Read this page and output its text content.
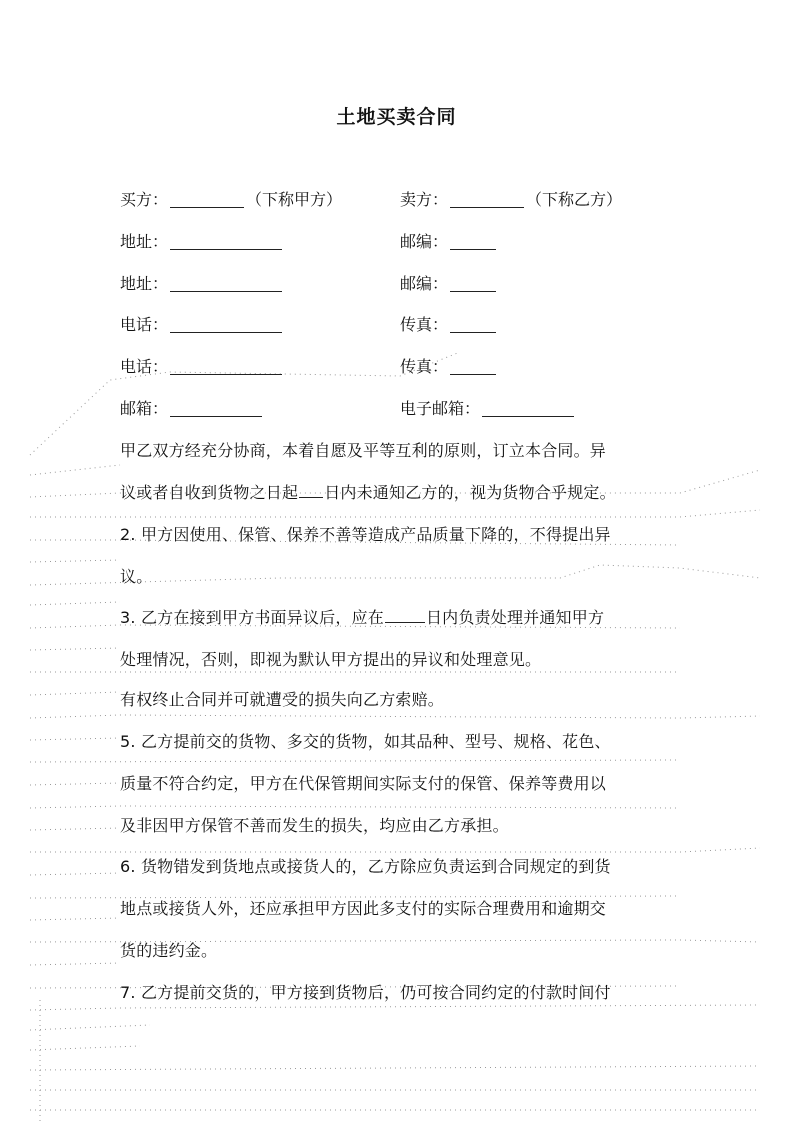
土地买卖合同
买方：	（下称甲方）	卖方：	（下称乙方）
地址：	邮编：
地址：	邮编：
电话：	传真：
电话：	传真：
邮箱：	电子邮箱：
甲乙双方经充分协商，本着自愿及平等互利的原则，订立本合同。异
议或者自收到货物之日起 日内未通知乙方的，视为货物合乎规定。
2. 甲方因使用、保管、保养不善等造成产品质量下降的，不得提出异
议。
3. 乙方在接到甲方书面异议后，应在	日内负责处理并通知甲方
处理情况，否则，即视为默认甲方提出的异议和处理意见。
有权终止合同并可就遭受的损失向乙方索赔。
5. 乙方提前交的货物、多交的货物，如其品种、型号、规格、花色、
质量不符合约定，甲方在代保管期间实际支付的保管、保养等费用以
及非因甲方保管不善而发生的损失，均应由乙方承担。
6. 货物错发到货地点或接货人的，乙方除应负责运到合同规定的到货
地点或接货人外，还应承担甲方因此多支付的实际合理费用和逾期交
货的违约金。
7. 乙方提前交货的，甲方接到货物后，仍可按合同约定的付款时间付
